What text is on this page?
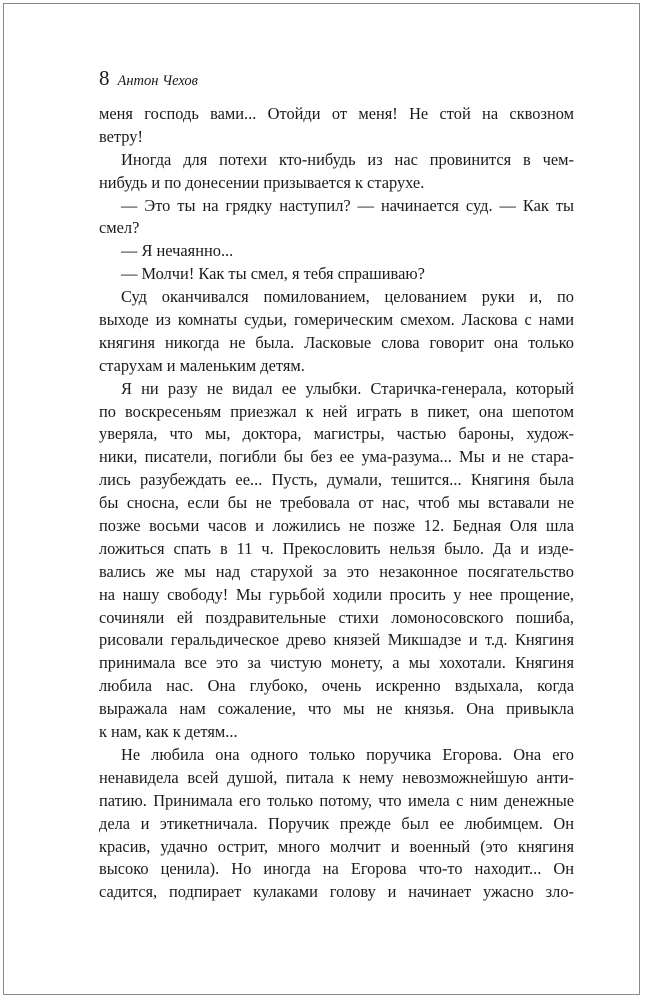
8 Антон Чехов
меня господь вами... Отойди от меня! Не стой на сквозном
ветру!
Иногда для потехи кто-нибудь из нас провинится в чем-
нибудь и по донесении призывается к старухе.
— Это ты на грядку наступил? — начинается суд. — Как ты
смел?
— Я нечаянно...
— Молчи! Как ты смел, я тебя спрашиваю?
Суд оканчивался помилованием, целованием руки и, по
выходе из комнаты судьи, гомерическим смехом. Ласкова с нами
княгиня никогда не была. Ласковые слова говорит она только
старухам и маленьким детям.
Я ни разу не видал ее улыбки. Старичка-генерала, который
по воскресеньям приезжал к ней играть в пикет, она шепотом
уверяла, что мы, доктора, магистры, частью бароны, худож-
ники, писатели, погибли бы без ее ума-разума... Мы и не стара-
лись разубеждать ее... Пусть, думали, тешится... Княгиня была
бы сносна, если бы не требовала от нас, чтоб мы вставали не
позже восьми часов и ложились не позже 12. Бедная Оля шла
ложиться спать в 11 ч. Прекословить нельзя было. Да и изде-
вались же мы над старухой за это незаконное посягательство
на нашу свободу! Мы гурьбой ходили просить у нее прощение,
сочиняли ей поздравительные стихи ломоносовского пошиба,
рисовали геральдическое древо князей Микшадзе и т.д. Княгиня
принимала все это за чистую монету, а мы хохотали. Княгиня
любила нас. Она глубоко, очень искренно вздыхала, когда
выражала нам сожаление, что мы не князья. Она привыкла
к нам, как к детям...
Не любила она одного только поручика Егорова. Она его
ненавидела всей душой, питала к нему невозможнейшую анти-
патию. Принимала его только потому, что имела с ним денежные
дела и этикетничала. Поручик прежде был ее любимцем. Он
красив, удачно острит, много молчит и военный (это княгиня
высоко ценила). Но иногда на Егорова что-то находит... Он
садится, подпирает кулаками голову и начинает ужасно зло-
